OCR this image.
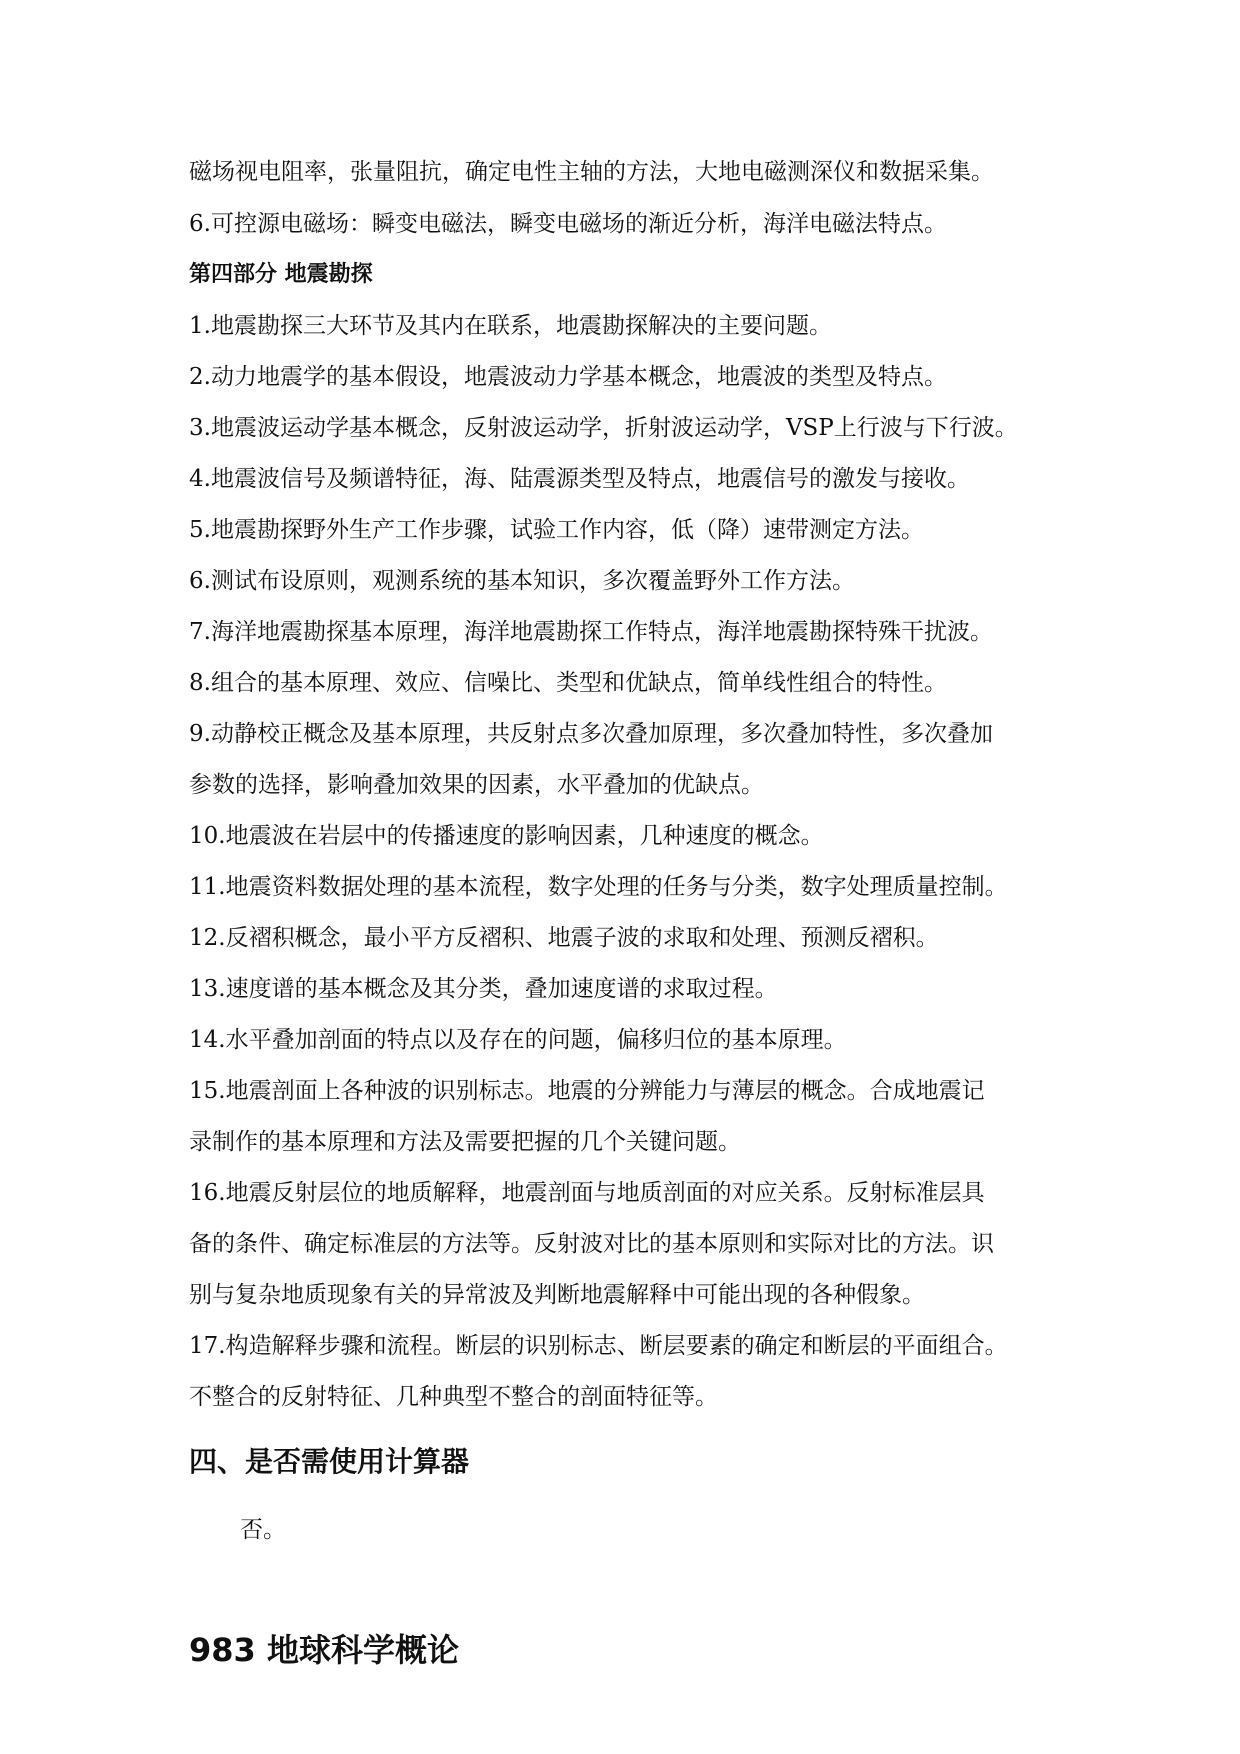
磁场视电阻率，张量阻抗，确定电性主轴的方法，大地电磁测深仪和数据采集。
6.可控源电磁场：瞬变电磁法，瞬变电磁场的渐近分析，海洋电磁法特点。
第四部分 地震勘探
1.地震勘探三大环节及其内在联系，地震勘探解决的主要问题。
2.动力地震学的基本假设，地震波动力学基本概念，地震波的类型及特点。
3.地震波运动学基本概念，反射波运动学，折射波运动学，VSP上行波与下行波。
4.地震波信号及频谱特征，海、陆震源类型及特点，地震信号的激发与接收。
5.地震勘探野外生产工作步骤，试验工作内容，低（降）速带测定方法。
6.测试布设原则，观测系统的基本知识，多次覆盖野外工作方法。
7.海洋地震勘探基本原理，海洋地震勘探工作特点，海洋地震勘探特殊干扰波。
8.组合的基本原理、效应、信噪比、类型和优缺点，简单线性组合的特性。
9.动静校正概念及基本原理，共反射点多次叠加原理，多次叠加特性，多次叠加
参数的选择，影响叠加效果的因素，水平叠加的优缺点。
10.地震波在岩层中的传播速度的影响因素，几种速度的概念。
11.地震资料数据处理的基本流程，数字处理的任务与分类，数字处理质量控制。
12.反褶积概念，最小平方反褶积、地震子波的求取和处理、预测反褶积。
13.速度谱的基本概念及其分类，叠加速度谱的求取过程。
14.水平叠加剖面的特点以及存在的问题，偏移归位的基本原理。
15.地震剖面上各种波的识别标志。地震的分辨能力与薄层的概念。合成地震记
录制作的基本原理和方法及需要把握的几个关键问题。
16.地震反射层位的地质解释，地震剖面与地质剖面的对应关系。反射标准层具
备的条件、确定标准层的方法等。反射波对比的基本原则和实际对比的方法。识
别与复杂地质现象有关的异常波及判断地震解释中可能出现的各种假象。
17.构造解释步骤和流程。断层的识别标志、断层要素的确定和断层的平面组合。
不整合的反射特征、几种典型不整合的剖面特征等。
四、是否需使用计算器
否。
983 地球科学概论
